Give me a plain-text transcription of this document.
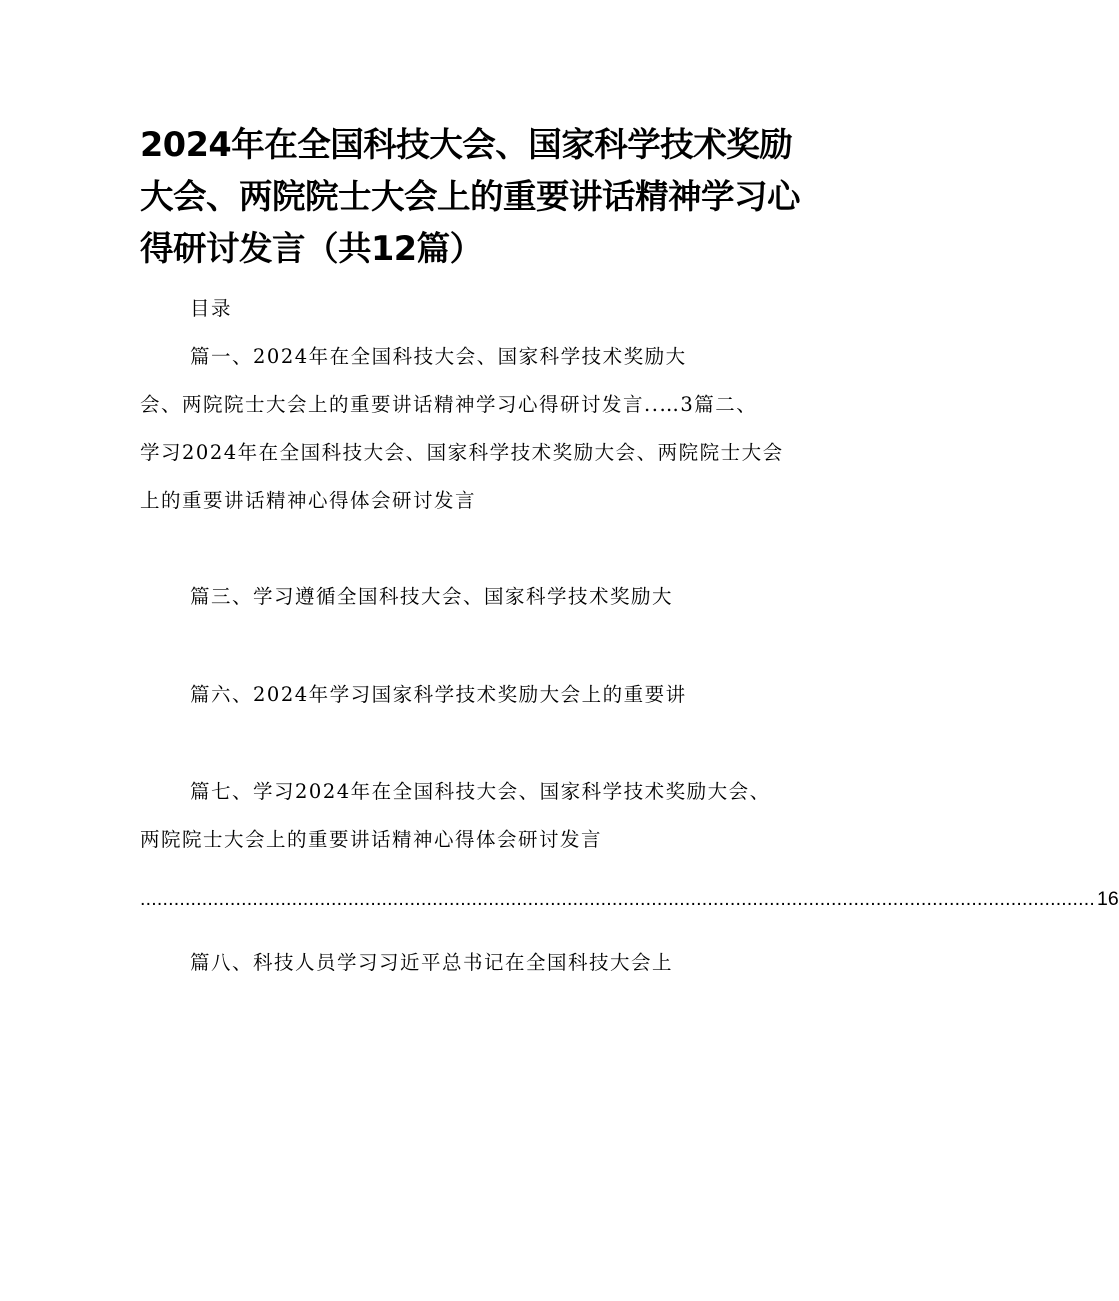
2024年在全国科技大会、国家科学技术奖励大会、两院院士大会上的重要讲话精神学习心得研讨发言（共12篇）
目录
篇一、2024年在全国科技大会、国家科学技术奖励大
会、两院院士大会上的重要讲话精神学习心得研讨发言..…3篇二、
学习2024年在全国科技大会、国家科学技术奖励大会、两院院士大会
上的重要讲话精神心得体会研讨发言
篇三、学习遵循全国科技大会、国家科学技术奖励大
篇六、2024年学习国家科学技术奖励大会上的重要讲
篇七、学习2024年在全国科技大会、国家科学技术奖励大会、
两院院士大会上的重要讲话精神心得体会研讨发言
.......................................................................................................................................................................... 16
篇八、科技人员学习习近平总书记在全国科技大会上
